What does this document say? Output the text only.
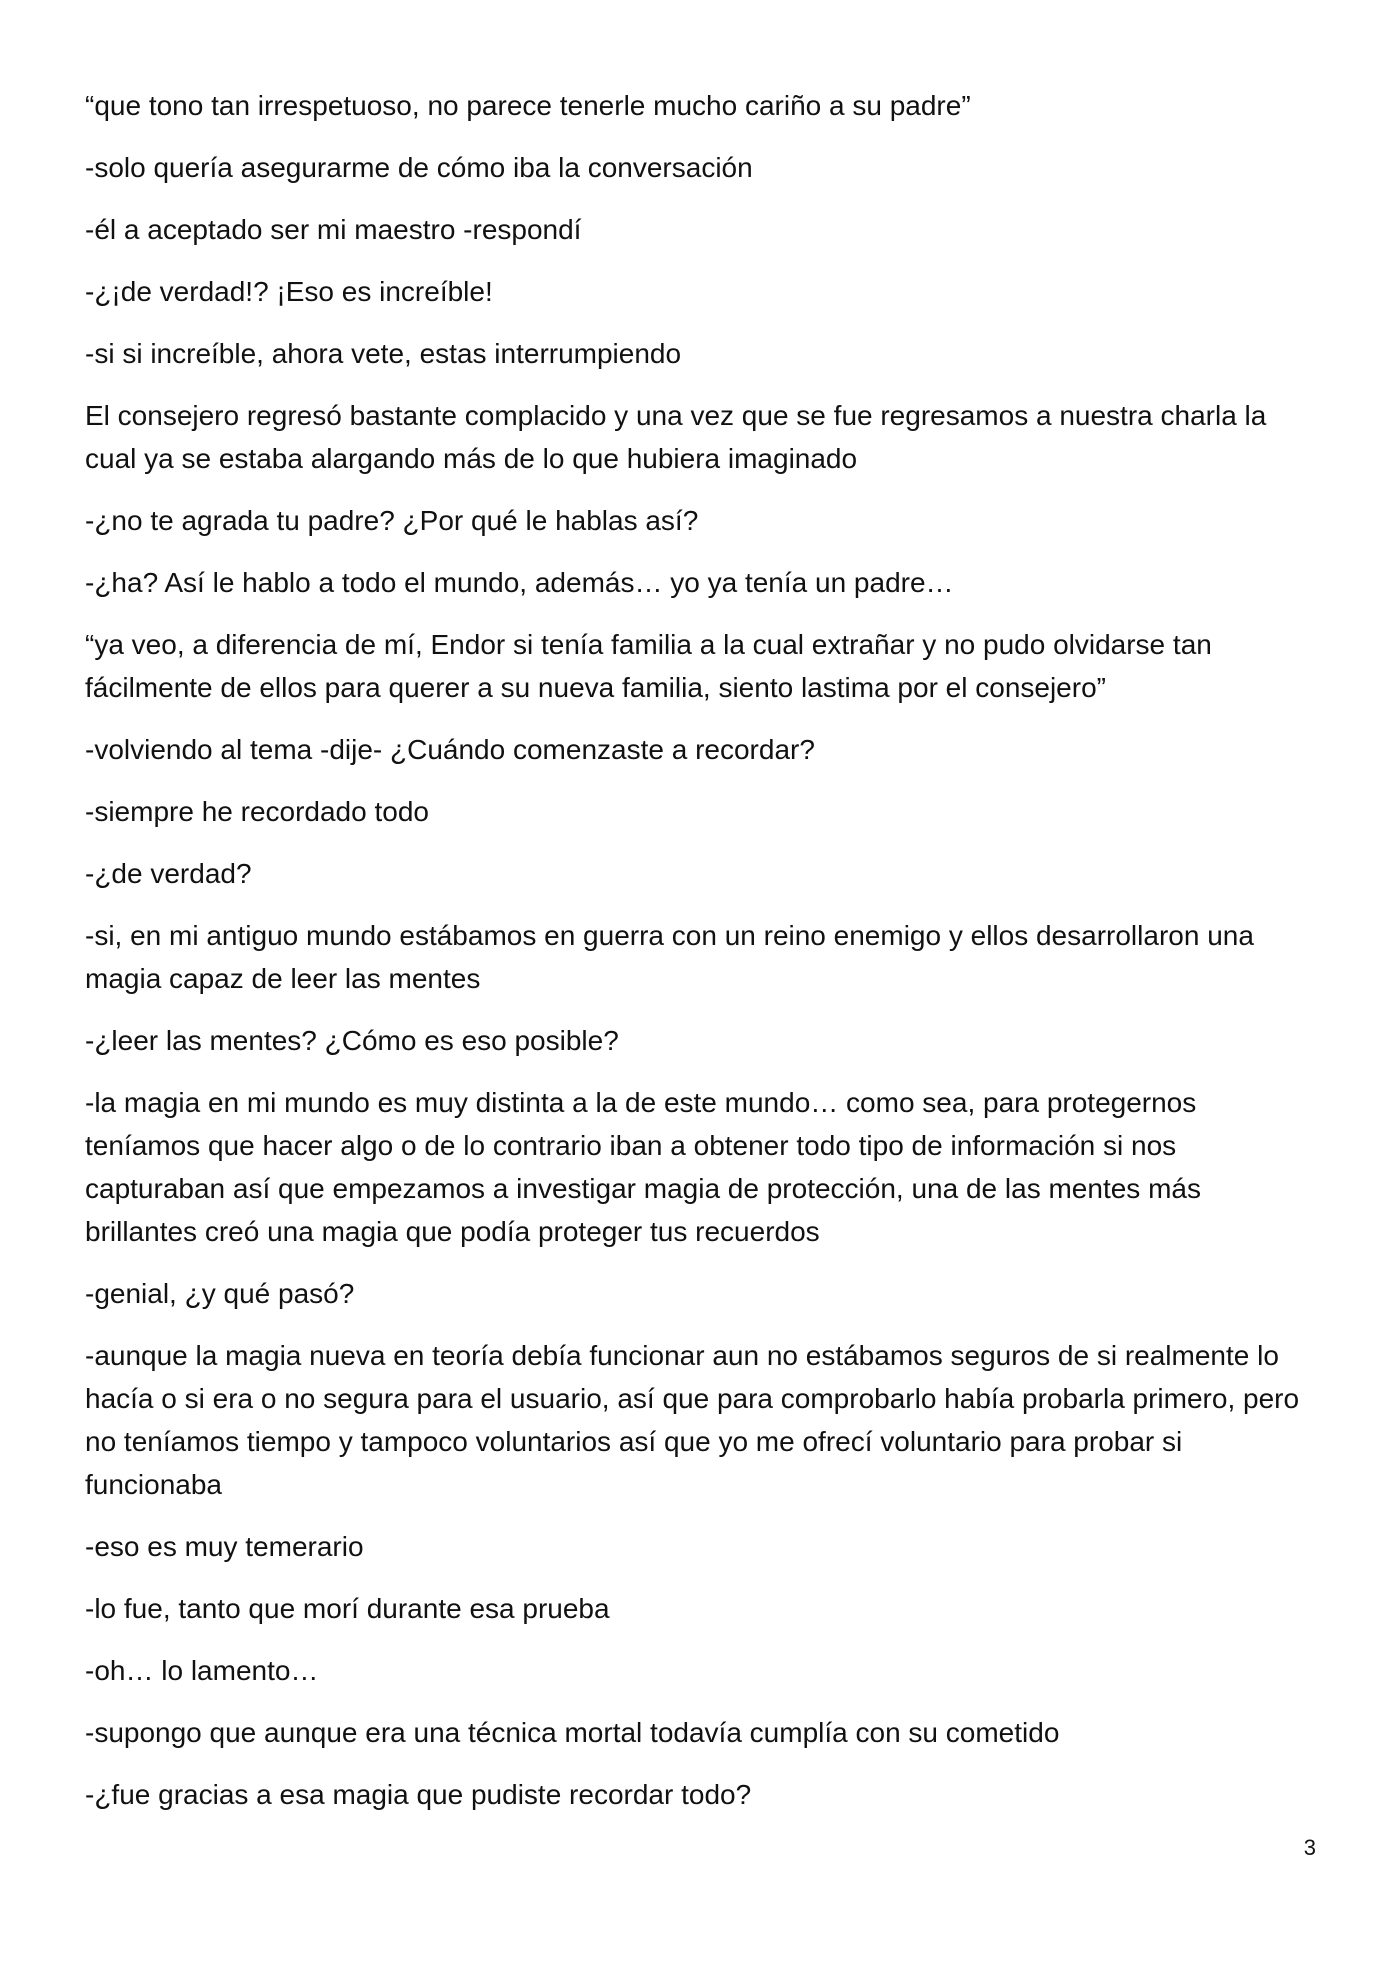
“que tono tan irrespetuoso, no parece tenerle mucho cariño a su padre”

-solo quería asegurarme de cómo iba la conversación

-él a aceptado ser mi maestro -respondí

-¿¡de verdad!? ¡Eso es increíble!

-si si increíble, ahora vete, estas interrumpiendo

El consejero regresó bastante complacido y una vez que se fue regresamos a nuestra charla la cual ya se estaba alargando más de lo que hubiera imaginado

-¿no te agrada tu padre? ¿Por qué le hablas así?

-¿ha? Así le hablo a todo el mundo, además… yo ya tenía un padre…

“ya veo, a diferencia de mí, Endor si tenía familia a la cual extrañar y no pudo olvidarse tan fácilmente de ellos para querer a su nueva familia, siento lastima por el consejero”

-volviendo al tema -dije- ¿Cuándo comenzaste a recordar?

-siempre he recordado todo

-¿de verdad?

-si, en mi antiguo mundo estábamos en guerra con un reino enemigo y ellos desarrollaron una magia capaz de leer las mentes

-¿leer las mentes? ¿Cómo es eso posible?

-la magia en mi mundo es muy distinta a la de este mundo… como sea, para protegernos teníamos que hacer algo o de lo contrario iban a obtener todo tipo de información si nos capturaban así que empezamos a investigar magia de protección, una de las mentes más brillantes creó una magia que podía proteger tus recuerdos

-genial, ¿y qué pasó?

-aunque la magia nueva en teoría debía funcionar aun no estábamos seguros de si realmente lo hacía o si era o no segura para el usuario, así que para comprobarlo había probarla primero, pero no teníamos tiempo y tampoco voluntarios así que yo me ofrecí voluntario para probar si funcionaba

-eso es muy temerario

-lo fue, tanto que morí durante esa prueba

-oh… lo lamento…

-supongo que aunque era una técnica mortal todavía cumplía con su cometido

-¿fue gracias a esa magia que pudiste recordar todo?

3
